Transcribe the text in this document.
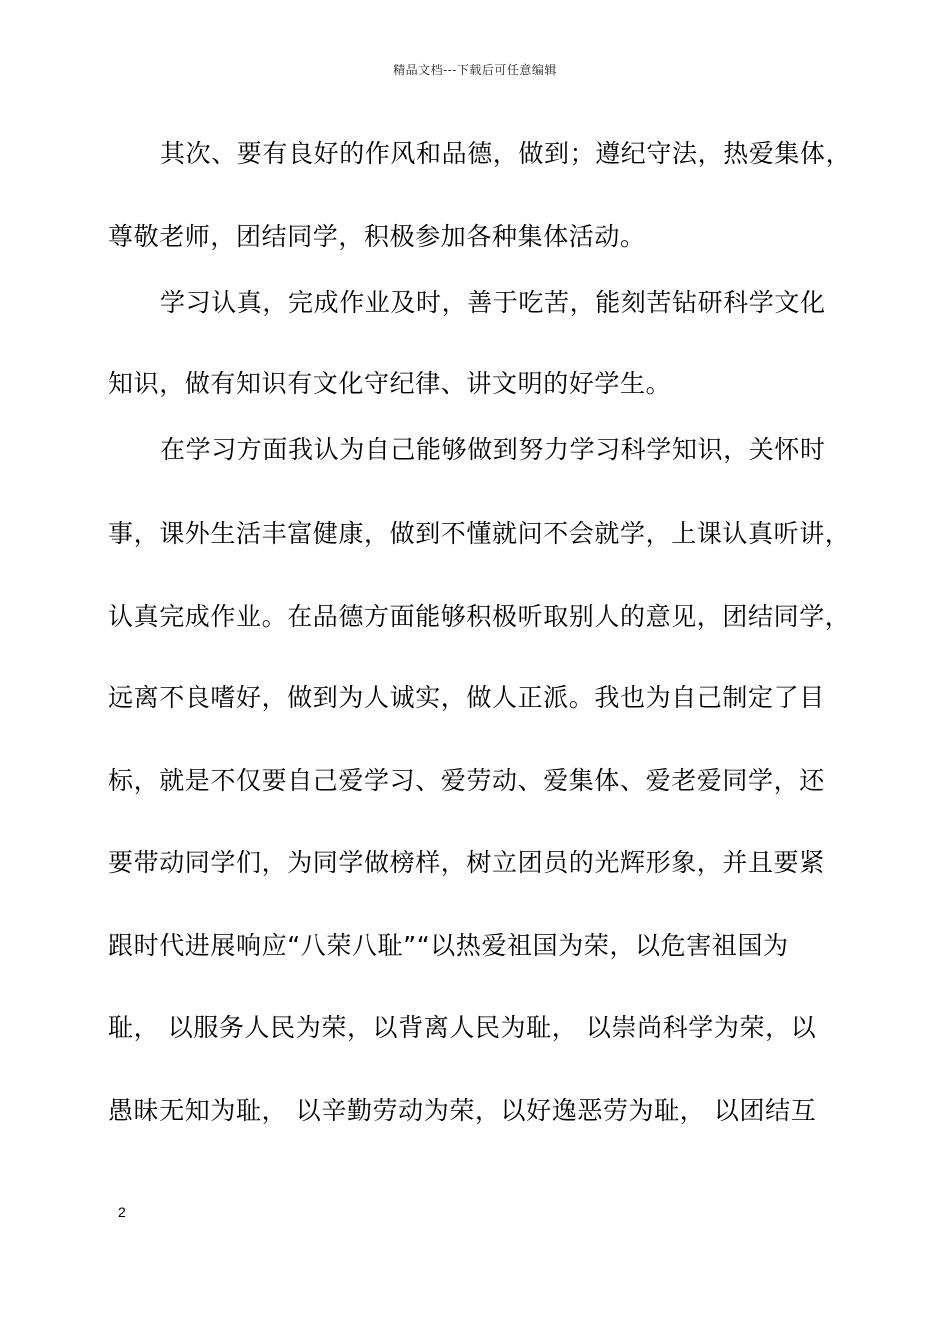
精品文档---下载后可任意编辑
其次、要有良好的作风和品德，做到；遵纪守法，热爱集体，
尊敬老师，团结同学，积极参加各种集体活动。
学习认真，完成作业及时，善于吃苦，能刻苦钻研科学文化
知识，做有知识有文化守纪律、讲文明的好学生。
在学习方面我认为自己能够做到努力学习科学知识，关怀时
事，课外生活丰富健康，做到不懂就问不会就学，上课认真听讲，
认真完成作业。在品德方面能够积极听取别人的意见，团结同学，
远离不良嗜好，做到为人诚实，做人正派。我也为自己制定了目
标，就是不仅要自己爱学习、爱劳动、爱集体、爱老爱同学，还
要带动同学们，为同学做榜样，树立团员的光辉形象，并且要紧
跟时代进展响应“八荣八耻”“以热爱祖国为荣，以危害祖国为
耻， 以服务人民为荣，以背离人民为耻， 以崇尚科学为荣，以
愚昧无知为耻， 以辛勤劳动为荣，以好逸恶劳为耻， 以团结互
2
